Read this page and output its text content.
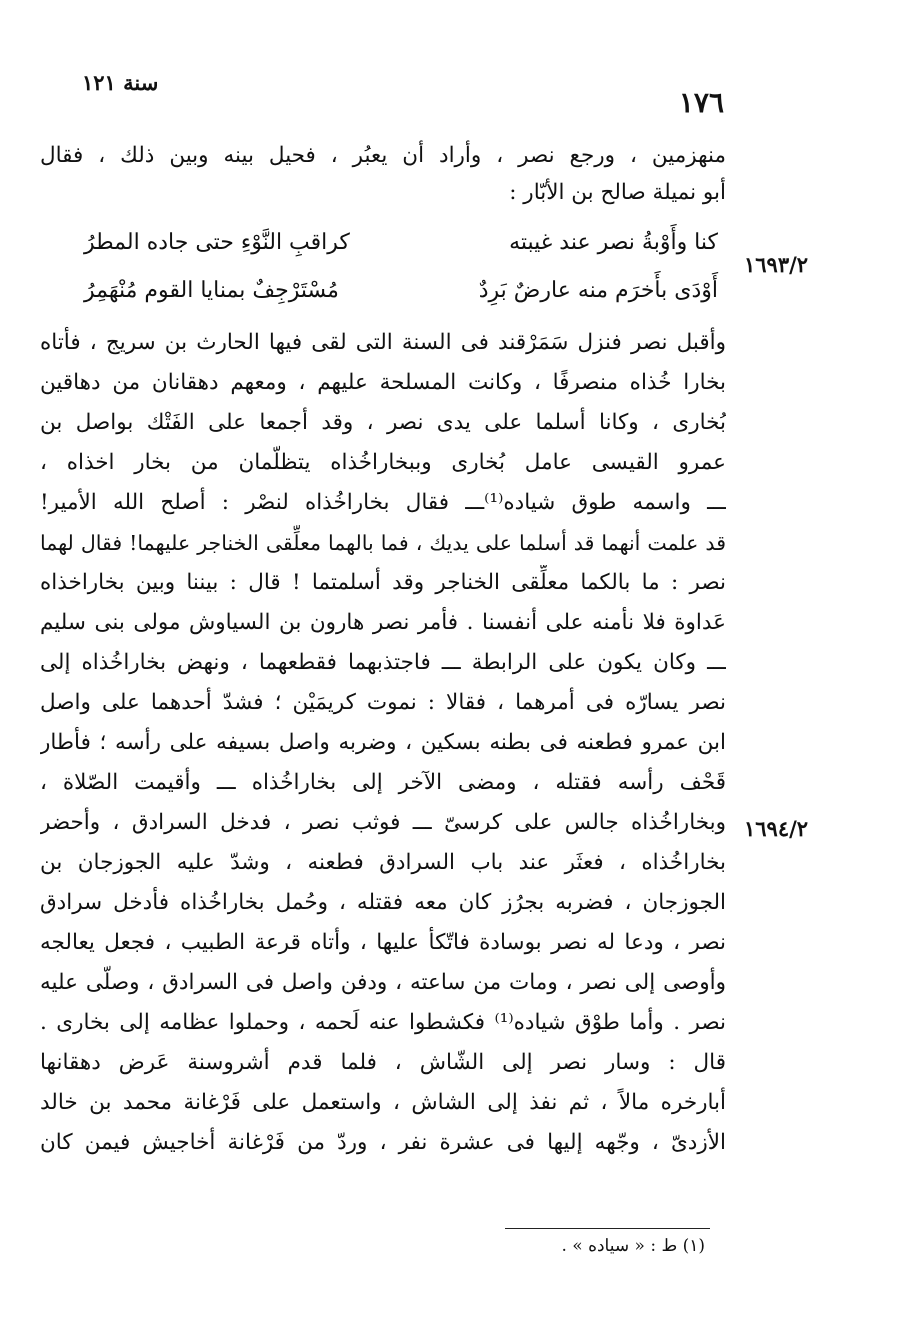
سنة ١٢١
١٧٦
١٦٩٣/٢
١٦٩٤/٢
منهزمين ، ورجع نصر ، وأراد أن يعبُر ، فحيل بينه وبين ذلك ، فقال
أبو نميلة صالح بن الأبّار :
كنا وأَوْبةُ نصر عند غيبته
كراقبِ النَّوْءِ حتى جاده المطرُ
أَوْدَى بأَخرَم منه عارضٌ بَرِدٌ
مُسْتَرْجِفٌ بمنايا القوم مُنْهَمِرُ
وأقبل نصر فنزل سَمَرْقند فى السنة التى لقى فيها الحارث بن سريج ، فأتاه
بخارا خُذاه منصرفًا ، وكانت المسلحة عليهم ، ومعهم دهقانان من دهاقين
بُخارى ، وكانا أسلما على يدى نصر ، وقد أجمعا على الفَتْك بواصل بن
عمرو القيسى عامل بُخارى وببخاراخُذاه يتظلّمان من بخار اخذاه ،
ـــ واسمه طوق شياده⁽¹⁾ـــ فقال بخاراخُذاه لنصْر : أصلح الله الأمير!
قد علمت أنهما قد أسلما على يديك ، فما بالهما معلِّقى الخناجر عليهما! فقال لهما
نصر : ما بالكما معلِّقى الخناجر وقد أسلمتما ! قال : بيننا وبين بخاراخذاه
عَداوة فلا نأمنه على أنفسنا . فأمر نصر هارون بن السياوش مولى بنى سليم
ـــ وكان يكون على الرابطة ـــ فاجتذبهما فقطعهما ، ونهض بخاراخُذاه إلى
نصر يسارّه فى أمرهما ، فقالا : نموت كريمَيْن ؛ فشدّ أحدهما على واصل
ابن عمرو فطعنه فى بطنه بسكين ، وضربه واصل بسيفه على رأسه ؛ فأطار
قَحْف رأسه فقتله ، ومضى الآخر إلى بخاراخُذاه ـــ وأقيمت الصّلاة ،
وبخاراخُذاه جالس على كرسىّ ـــ فوثب نصر ، فدخل السرادق ، وأحضر
بخاراخُذاه ، فعثَر عند باب السرادق فطعنه ، وشدّ عليه الجوزجان بن
الجوزجان ، فضربه بجرُز كان معه فقتله ، وحُمل بخاراخُذاه فأدخل سرادق
نصر ، ودعا له نصر بوسادة فاتّكأ عليها ، وأتاه قرعة الطبيب ، فجعل يعالجه
وأوصى إلى نصر ، ومات من ساعته ، ودفن واصل فى السرادق ، وصلّى عليه
نصر . وأما طوْق شياده⁽¹⁾ فكشطوا عنه لَحمه ، وحملوا عظامه إلى بخارى .
قال : وسار نصر إلى الشّاش ، فلما قدم أشروسنة عَرض دهقانها
أبارخره مالاً ، ثم نفذ إلى الشاش ، واستعمل على فَرْغانة محمد بن خالد
الأزدىّ ، وجّهه إليها فى عشرة نفر ، وردّ من فَرْغانة أخاجيش فيمن كان
(١) ط : « سياده » .
